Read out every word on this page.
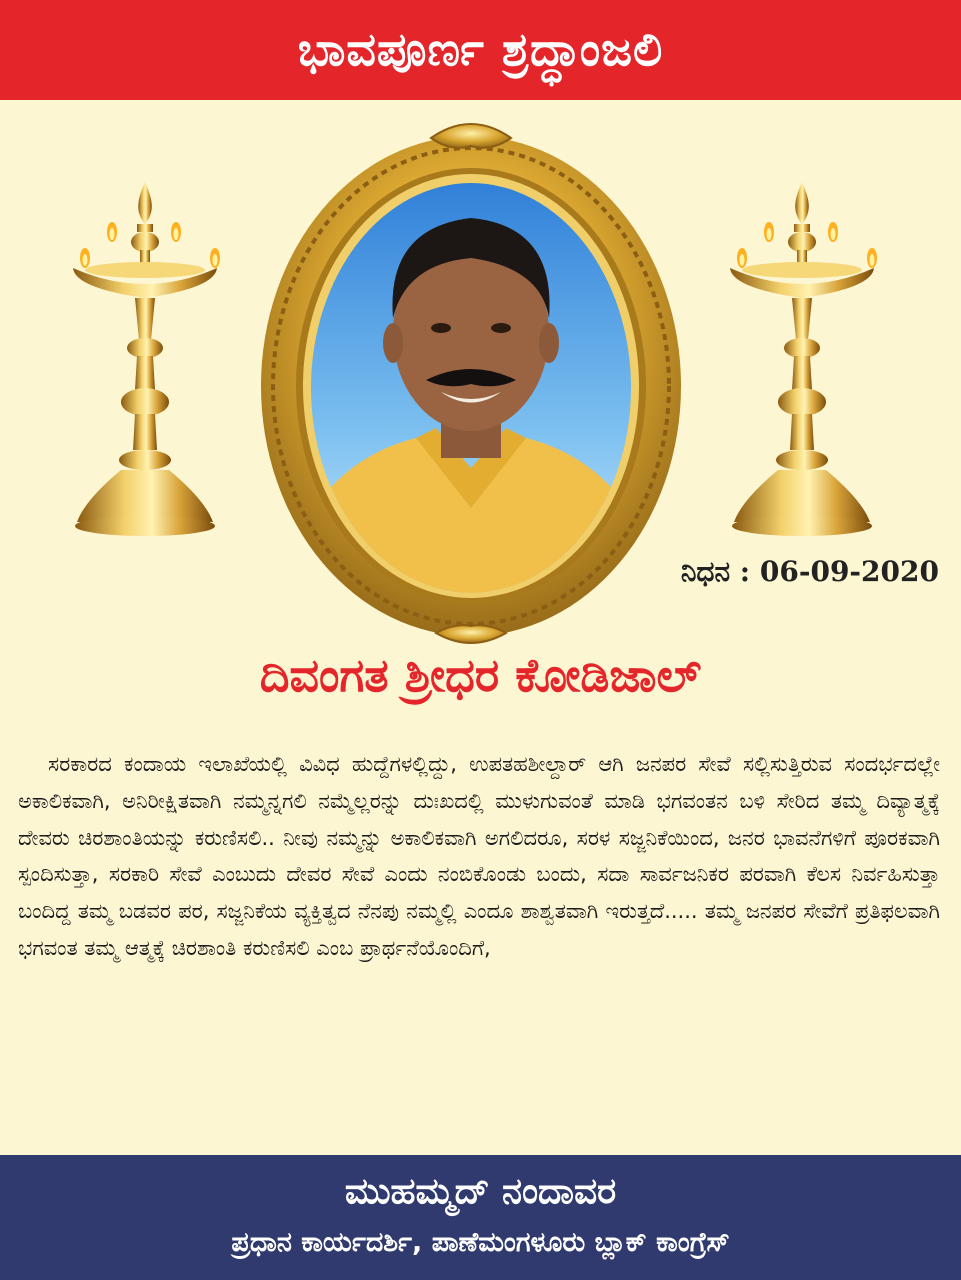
ಭಾವಪೂರ್ಣ ಶ್ರದ್ಧಾಂಜಲಿ
ನಿಧನ : 06-09-2020
ದಿವಂಗತ ಶ್ರೀಧರ ಕೋಡಿಜಾಲ್

ಸರಕಾರದ ಕಂದಾಯ ಇಲಾಖೆಯಲ್ಲಿ ವಿವಿಧ ಹುದ್ದೆಗಳಲ್ಲಿದ್ದು, ಉಪತಹಶೀಲ್ದಾರ್ ಆಗಿ ಜನಪರ ಸೇವೆ ಸಲ್ಲಿಸುತ್ತಿರುವ ಸಂದರ್ಭದಲ್ಲೇ ಅಕಾಲಿಕವಾಗಿ, ಅನಿರೀಕ್ಷಿತವಾಗಿ ನಮ್ಮನ್ನಗಲಿ ನಮ್ಮೆಲ್ಲರನ್ನು ದುಃಖದಲ್ಲಿ ಮುಳುಗುವಂತೆ ಮಾಡಿ ಭಗವಂತನ ಬಳಿ ಸೇರಿದ ತಮ್ಮ ದಿವ್ಯಾತ್ಮಕ್ಕೆ ದೇವರು ಚಿರಶಾಂತಿಯನ್ನು ಕರುಣಿಸಲಿ.. ನೀವು ನಮ್ಮನ್ನು ಅಕಾಲಿಕವಾಗಿ ಅಗಲಿದರೂ, ಸರಳ ಸಜ್ಜನಿಕೆಯಿಂದ, ಜನರ ಭಾವನೆಗಳಿಗೆ ಪೂರಕವಾಗಿ ಸ್ಪಂದಿಸುತ್ತಾ, ಸರಕಾರಿ ಸೇವೆ ಎಂಬುದು ದೇವರ ಸೇವೆ ಎಂದು ನಂಬಿಕೊಂಡು ಬಂದು, ಸದಾ ಸಾರ್ವಜನಿಕರ ಪರವಾಗಿ ಕೆಲಸ ನಿರ್ವಹಿಸುತ್ತಾ ಬಂದಿದ್ದ ತಮ್ಮ ಬಡವರ ಪರ, ಸಜ್ಜನಿಕೆಯ ವ್ಯಕ್ತಿತ್ವದ ನೆನಪು ನಮ್ಮಲ್ಲಿ ಎಂದೂ ಶಾಶ್ವತವಾಗಿ ಇರುತ್ತದೆ..... ತಮ್ಮ ಜನಪರ ಸೇವೆಗೆ ಪ್ರತಿಫಲವಾಗಿ ಭಗವಂತ ತಮ್ಮ ಆತ್ಮಕ್ಕೆ ಚಿರಶಾಂತಿ ಕರುಣಿಸಲಿ ಎಂಬ ಪ್ರಾರ್ಥನೆಯೊಂದಿಗೆ,

ಮುಹಮ್ಮದ್ ನಂದಾವರ
ಪ್ರಧಾನ ಕಾರ್ಯದರ್ಶಿ, ಪಾಣೆಮಂಗಳೂರು ಬ್ಲಾಕ್ ಕಾಂಗ್ರೆಸ್
